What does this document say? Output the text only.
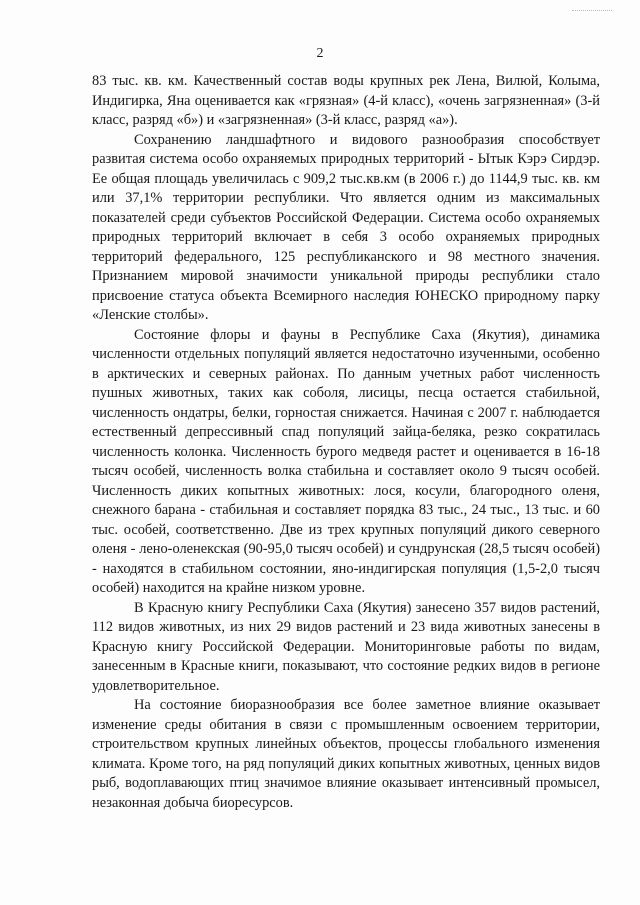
2

83 тыс. кв. км. Качественный состав воды крупных рек Лена, Вилюй, Колыма, Индигирка, Яна оценивается как «грязная» (4-й класс), «очень загрязненная» (3-й класс, разряд «б») и «загрязненная» (3-й класс, разряд «а»).

Сохранению ландшафтного и видового разнообразия способствует развитая система особо охраняемых природных территорий - Ытык Кэрэ Сирдэр. Ее общая площадь увеличилась с 909,2 тыс.кв.км (в 2006 г.) до 1144,9 тыс. кв. км или 37,1% территории республики. Что является одним из максимальных показателей среди субъектов Российской Федерации. Система особо охраняемых природных территорий включает в себя 3 особо охраняемых природных территорий федерального, 125 республиканского и 98 местного значения. Признанием мировой значимости уникальной природы республики стало присвоение статуса объекта Всемирного наследия ЮНЕСКО природному парку «Ленские столбы».

Состояние флоры и фауны в Республике Саха (Якутия), динамика численности отдельных популяций является недостаточно изученными, особенно в арктических и северных районах. По данным учетных работ численность пушных животных, таких как соболя, лисицы, песца остается стабильной, численность ондатры, белки, горностая снижается. Начиная с 2007 г. наблюдается естественный депрессивный спад популяций зайца-беляка, резко сократилась численность колонка. Численность бурого медведя растет и оценивается в 16-18 тысяч особей, численность волка стабильна и составляет около 9 тысяч особей. Численность диких копытных животных: лося, косули, благородного оленя, снежного барана - стабильная и составляет порядка 83 тыс., 24 тыс., 13 тыс. и 60 тыс. особей, соответственно. Две из трех крупных популяций дикого северного оленя - лено-оленекская (90-95,0 тысяч особей) и сундрунская (28,5 тысяч особей) - находятся в стабильном состоянии, яно-индигирская популяция (1,5-2,0 тысяч особей) находится на крайне низком уровне.

В Красную книгу Республики Саха (Якутия) занесено 357 видов растений, 112 видов животных, из них 29 видов растений и 23 вида животных занесены в Красную книгу Российской Федерации. Мониторинговые работы по видам, занесенным в Красные книги, показывают, что состояние редких видов в регионе удовлетворительное.

На состояние биоразнообразия все более заметное влияние оказывает изменение среды обитания в связи с промышленным освоением территории, строительством крупных линейных объектов, процессы глобального изменения климата. Кроме того, на ряд популяций диких копытных животных, ценных видов рыб, водоплавающих птиц значимое влияние оказывает интенсивный промысел, незаконная добыча биоресурсов.
